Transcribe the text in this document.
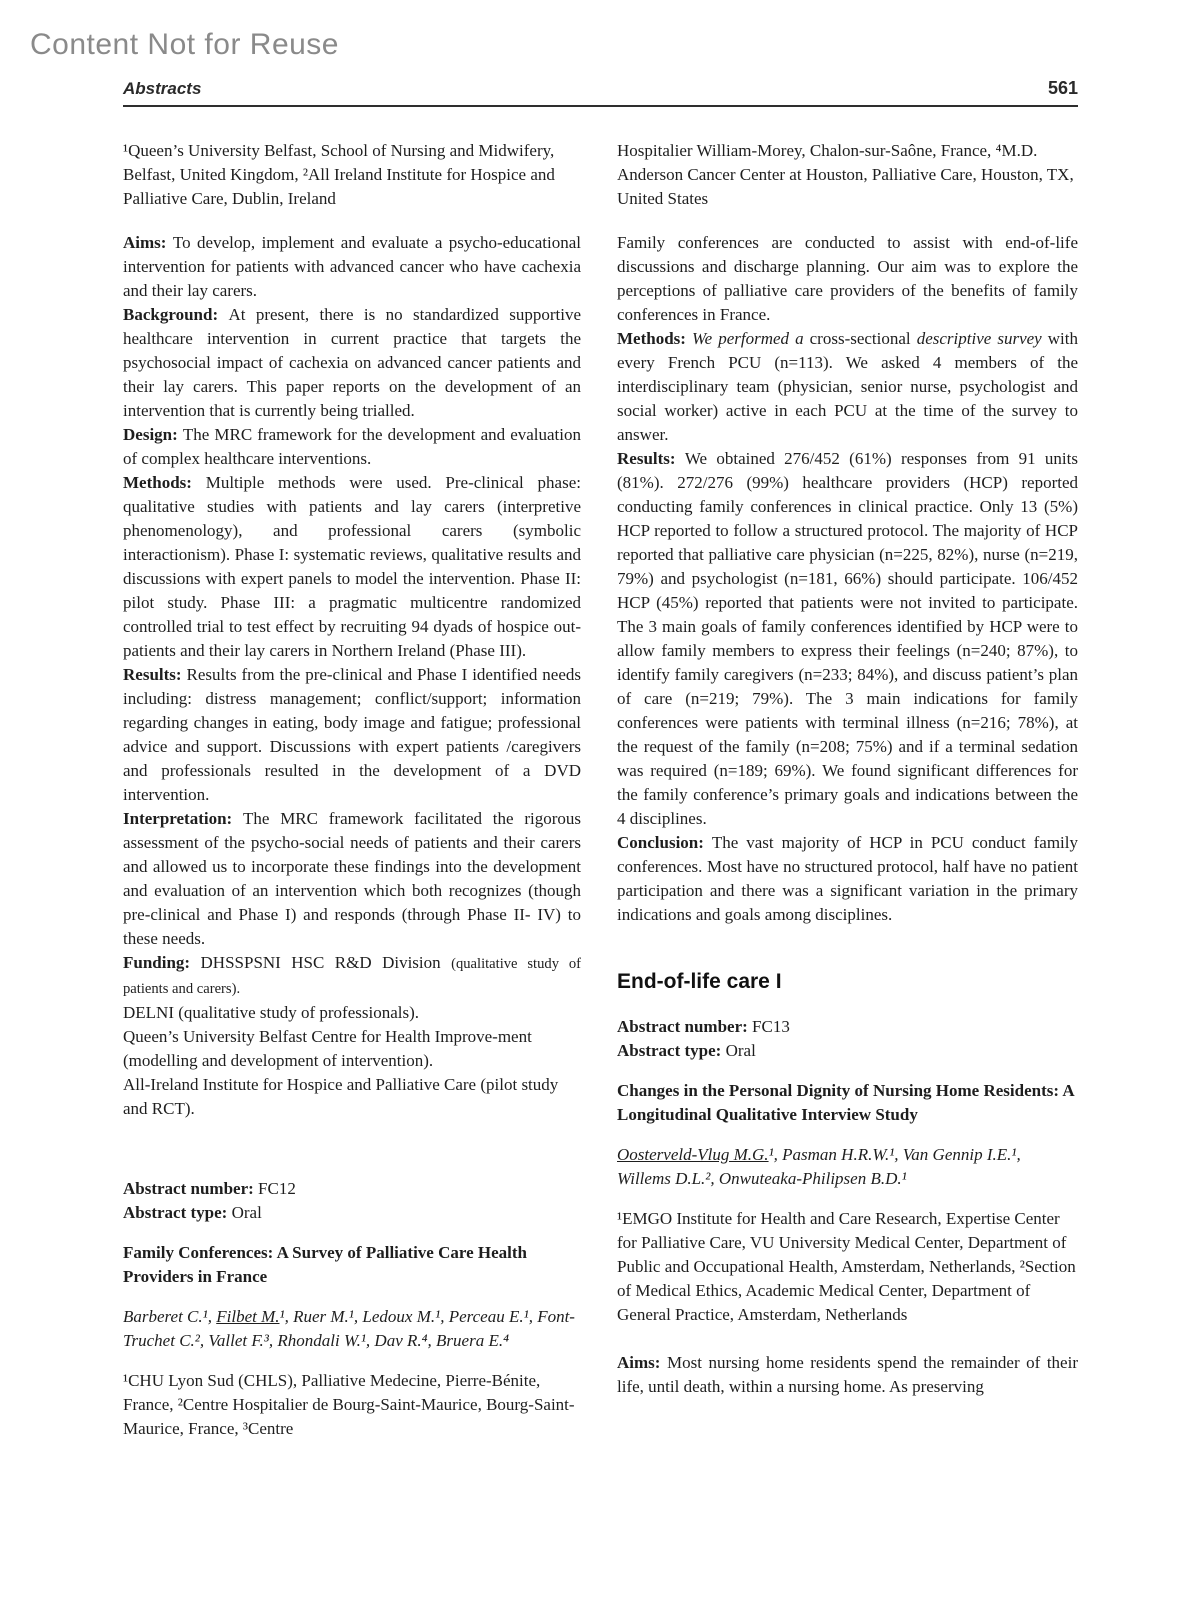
Content Not for Reuse
Abstracts	561

¹Queen’s University Belfast, School of Nursing and Midwifery, Belfast, United Kingdom, ²All Ireland Institute for Hospice and Palliative Care, Dublin, Ireland

Aims: To develop, implement and evaluate a psycho-educational intervention for patients with advanced cancer who have cachexia and their lay carers.

Background: At present, there is no standardized supportive healthcare intervention in current practice that targets the psychosocial impact of cachexia on advanced cancer patients and their lay carers. This paper reports on the development of an intervention that is currently being trialled.

Design: The MRC framework for the development and evaluation of complex healthcare interventions.

Methods: Multiple methods were used. Pre-clinical phase: qualitative studies with patients and lay carers (interpretive phenomenology), and professional carers (symbolic interactionism). Phase I: systematic reviews, qualitative results and discussions with expert panels to model the intervention. Phase II: pilot study. Phase III: a pragmatic multicentre randomized controlled trial to test effect by recruiting 94 dyads of hospice out-patients and their lay carers in Northern Ireland (Phase III).

Results: Results from the pre-clinical and Phase I identified needs including: distress management; conflict/support; information regarding changes in eating, body image and fatigue; professional advice and support. Discussions with expert patients /caregivers and professionals resulted in the development of a DVD intervention.

Interpretation: The MRC framework facilitated the rigorous assessment of the psycho-social needs of patients and their carers and allowed us to incorporate these findings into the development and evaluation of an intervention which both recognizes (though pre-clinical and Phase I) and responds (through Phase II- IV) to these needs.

Funding: DHSSPSNI HSC R&D Division (qualitative study of patients and carers).

DELNI (qualitative study of professionals).

Queen’s University Belfast Centre for Health Improve-ment (modelling and development of intervention).

All-Ireland Institute for Hospice and Palliative Care (pilot study and RCT).

Abstract number: FC12

Abstract type: Oral

Family Conferences: A Survey of Palliative Care Health Providers in France

Barberet C.¹, Filbet M.¹, Ruer M.¹, Ledoux M.¹, Perceau E.¹, Font-Truchet C.², Vallet F.³, Rhondali W.¹, Dav R.⁴, Bruera E.⁴

¹CHU Lyon Sud (CHLS), Palliative Medecine, Pierre-Bénite, France, ²Centre Hospitalier de Bourg-Saint-Maurice, Bourg-Saint-Maurice, France, ³Centre

Hospitalier William-Morey, Chalon-sur-Saône, France, ⁴M.D. Anderson Cancer Center at Houston, Palliative Care, Houston, TX, United States

Family conferences are conducted to assist with end-of-life discussions and discharge planning. Our aim was to explore the perceptions of palliative care providers of the benefits of family conferences in France.

Methods: We performed a cross-sectional descriptive survey with every French PCU (n=113). We asked 4 members of the interdisciplinary team (physician, senior nurse, psychologist and social worker) active in each PCU at the time of the survey to answer.

Results: We obtained 276/452 (61%) responses from 91 units (81%). 272/276 (99%) healthcare providers (HCP) reported conducting family conferences in clinical practice. Only 13 (5%) HCP reported to follow a structured protocol. The majority of HCP reported that palliative care physician (n=225, 82%), nurse (n=219, 79%) and psychologist (n=181, 66%) should participate. 106/452 HCP (45%) reported that patients were not invited to participate. The 3 main goals of family conferences identified by HCP were to allow family members to express their feelings (n=240; 87%), to identify family caregivers (n=233; 84%), and discuss patient’s plan of care (n=219; 79%). The 3 main indications for family conferences were patients with terminal illness (n=216; 78%), at the request of the family (n=208; 75%) and if a terminal sedation was required (n=189; 69%). We found significant differences for the family conference’s primary goals and indications between the 4 disciplines.

Conclusion: The vast majority of HCP in PCU conduct family conferences. Most have no structured protocol, half have no patient participation and there was a significant variation in the primary indications and goals among disciplines.

End-of-life care I

Abstract number: FC13

Abstract type: Oral

Changes in the Personal Dignity of Nursing Home Residents: A Longitudinal Qualitative Interview Study

Oosterveld-Vlug M.G.¹, Pasman H.R.W.¹, Van Gennip I.E.¹, Willems D.L.², Onwuteaka-Philipsen B.D.¹

¹EMGO Institute for Health and Care Research, Expertise Center for Palliative Care, VU University Medical Center, Department of Public and Occupational Health, Amsterdam, Netherlands, ²Section of Medical Ethics, Academic Medical Center, Department of General Practice, Amsterdam, Netherlands

Aims: Most nursing home residents spend the remainder of their life, until death, within a nursing home. As preserving
